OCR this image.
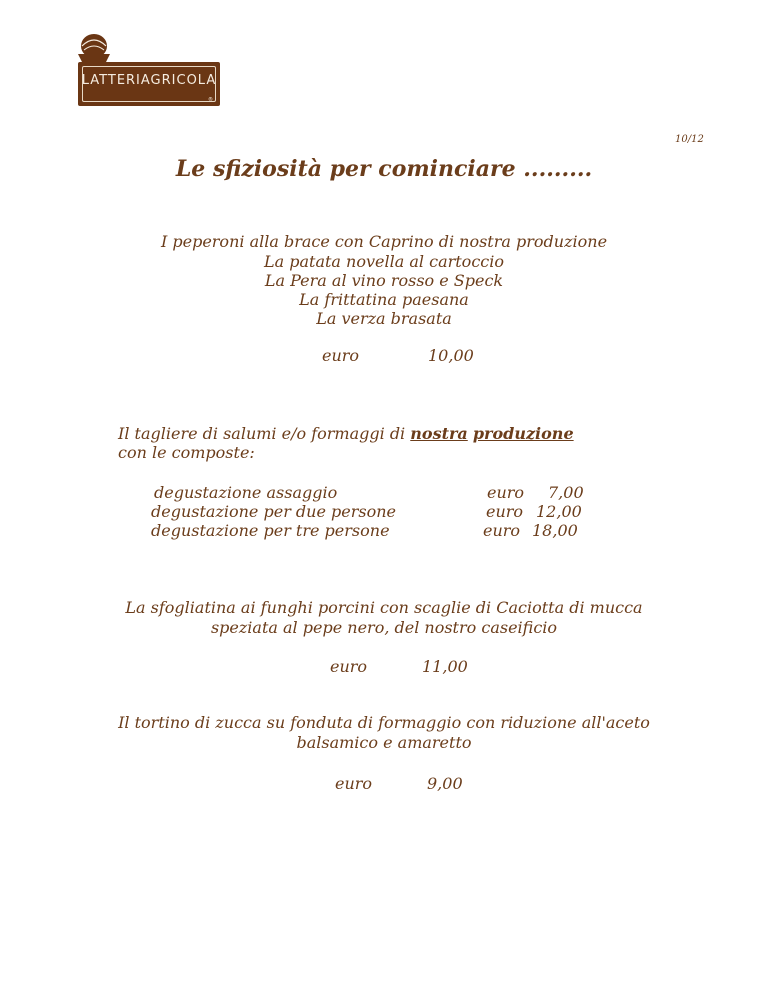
LATTERIAGRICOLA
®
10/12
Le sfiziosità per cominciare .........
I peperoni alla brace con Caprino di nostra produzione
La patata novella al cartoccio
La Pera al vino rosso e Speck
La frittatina paesana
La verza brasata
euro	10,00
Il tagliere di salumi e/o formaggi di nostra produzione
con le composte:
degustazione assaggio	euro 7,00
degustazione per due persone	euro 12,00
degustazione per tre persone	euro 18,00
La sfogliatina ai funghi porcini con scaglie di Caciotta di mucca
speziata al pepe nero, del nostro caseificio
euro	11,00
Il tortino di zucca su fonduta di formaggio con riduzione all'aceto
balsamico e amaretto
euro	9,00
